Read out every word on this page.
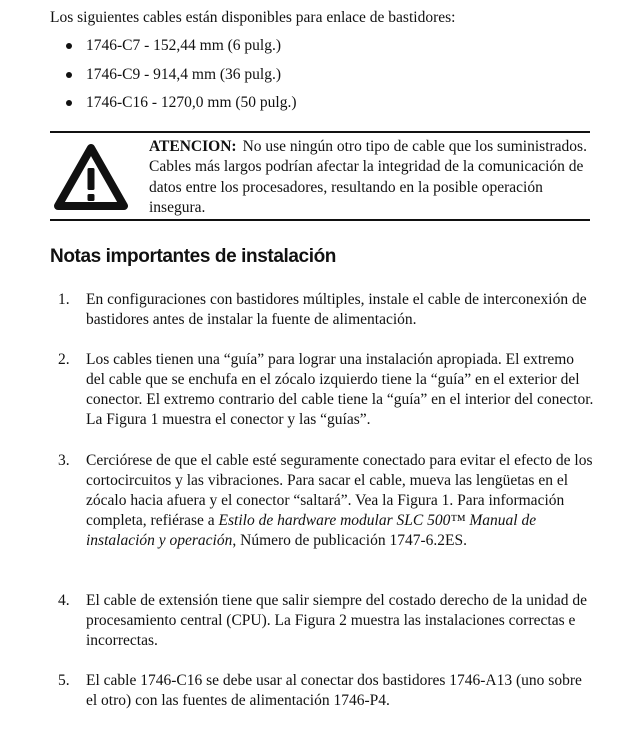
Los siguientes cables están disponibles para enlace de bastidores:
1746-C7 - 152,44 mm (6 pulg.)
1746-C9 - 914,4 mm (36 pulg.)
1746-C16 - 1270,0 mm (50 pulg.)
ATENCION: No use ningún otro tipo de cable que los suministrados. Cables más largos podrían afectar la integridad de la comunicación de datos entre los procesadores, resultando en la posible operación insegura.
Notas importantes de instalación
1.	En configuraciones con bastidores múltiples, instale el cable de interconexión de bastidores antes de instalar la fuente de alimentación.
2.	Los cables tienen una “guía” para lograr una instalación apropiada. El extremo del cable que se enchufa en el zócalo izquierdo tiene la “guía” en el exterior del conector. El extremo contrario del cable tiene la “guía” en el interior del conector. La Figura 1 muestra el conector y las “guías”.
3.	Cerciórese de que el cable esté seguramente conectado para evitar el efecto de los cortocircuitos y las vibraciones. Para sacar el cable, mueva las lengüetas en el zócalo hacia afuera y el conector “saltará”. Vea la Figura 1. Para información completa, refiérase a Estilo de hardware modular SLC 500™ Manual de instalación y operación, Número de publicación 1747-6.2ES.
4.	El cable de extensión tiene que salir siempre del costado derecho de la unidad de procesamiento central (CPU). La Figura 2 muestra las instalaciones correctas e incorrectas.
5.	El cable 1746-C16 se debe usar al conectar dos bastidores 1746-A13 (uno sobre el otro) con las fuentes de alimentación 1746-P4.
